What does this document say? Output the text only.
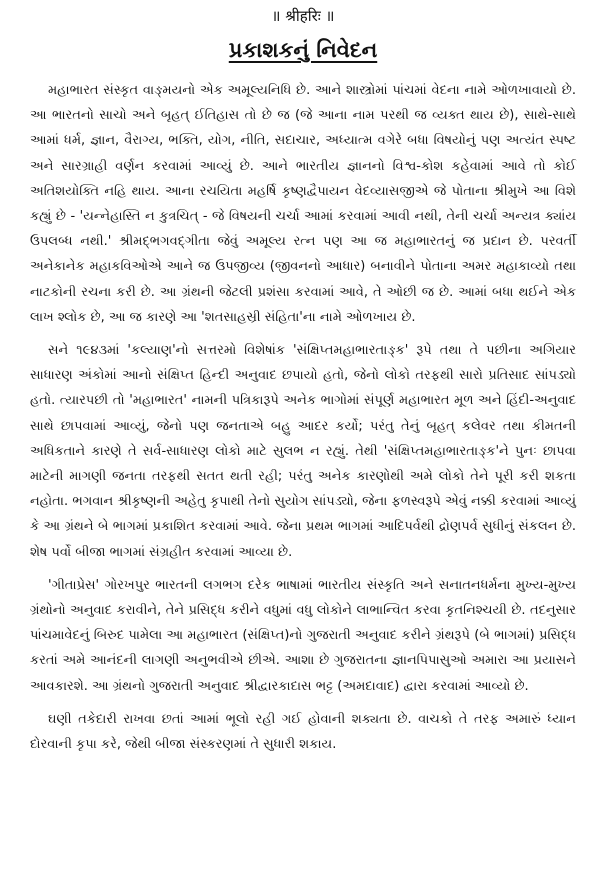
॥ श्रीहरिः ॥
પ્રકાશકનું નિવેદન

મહાભારત સંસ્કૃત વાઙ્મયનો એક અમૂલ્યનિધિ છે. આને શાસ્ત્રોમાં પાંચમાં વેદના નામે ઓળખાવાયો છે. આ ભારતનો સાચો અને બૃહત્ ઈતિહાસ તો છે જ (જે આના નામ પરથી જ વ્યક્ત થાય છે), સાથે-સાથે આમાં ધર્મ, જ્ઞાન, વૈરાગ્ય, ભક્તિ, યોગ, નીતિ, સદાચાર, અધ્યાત્મ વગેરે બધા વિષયોનું પણ અત્યંત સ્પષ્ટ અને સારગ્રાહી વર્ણન કરવામાં આવ્યું છે. આને ભારતીય જ્ઞાનનો વિશ્વ-કોશ કહેવામાં આવે તો કોઈ અતિશયોક્તિ નહિ થાય. આના રચયિતા મહર્ષિ કૃષ્ણદ્વૈપાયન વેદવ્યાસજીએ જે પોતાના શ્રીમુખે આ વિશે કહ્યું છે - 'યન્નેહાસ્તિ ન કુત્રચિત્ - જે વિષયની ચર્ચા આમાં કરવામાં આવી નથી, તેની ચર્ચા અન્યત્ર ક્યાંય ઉપલબ્ધ નથી.' શ્રીમદ્ભગવદ્ગીતા જેવું અમૂલ્ય રત્ન પણ આ જ મહાભારતનું જ પ્રદાન છે. પરવર્તી અનેકાનેક મહાકવિઓએ આને જ ઉપજીવ્ય (જીવનનો આધાર) બનાવીને પોતાના અમર મહાકાવ્યો તથા નાટકોની રચના કરી છે. આ ગ્રંથની જેટલી પ્રશંસા કરવામાં આવે, તે ઓછી જ છે. આમાં બધા થઈને એક લાખ શ્લોક છે, આ જ કારણે આ 'શતસાહસ્રી સંહિતા'ના નામે ઓળખાય છે.

સને ૧૯૪૩માં 'કલ્યાણ'નો સત્તરમો વિશેષાંક 'સંક્ષિપ્તમહાભારતાઙ્ક' રૂપે તથા તે પછીના અગિયાર સાધારણ અંકોમાં આનો સંક્ષિપ્ત હિન્દી અનુવાદ છપાયો હતો, જેનો લોકો તરફથી સારો પ્રતિસાદ સાંપડ્યો હતો. ત્યારપછી તો 'મહાભારત' નામની પત્રિકારૂપે અનેક ભાગોમાં સંપૂર્ણ મહાભારત મૂળ અને હિંદી-અનુવાદ સાથે છાપવામાં આવ્યું, જેનો પણ જનતાએ બહુ આદર કર્યો; પરંતુ તેનું બૃહત્ કલેવર તથા કીમતની અધિકતાને કારણે તે સર્વ-સાધારણ લોકો માટે સુલભ ન રહ્યું. તેથી 'સંક્ષિપ્તમહાભારતાઙ્ક'ને પુનઃ છાપવા માટેની માગણી જનતા તરફથી સતત થતી રહી; પરંતુ અનેક કારણોથી અમે લોકો તેને પૂરી કરી શકતા નહોતા. ભગવાન શ્રીકૃષ્ણની અહેતુ કૃપાથી તેનો સુયોગ સાંપડ્યો, જેના ફળસ્વરૂપે એવું નક્કી કરવામાં આવ્યું કે આ ગ્રંથને બે ભાગમાં પ્રકાશિત કરવામાં આવે. જેના પ્રથમ ભાગમાં આદિપર્વથી દ્રોણપર્વ સુધીનું સંકલન છે. શેષ પર્વો બીજા ભાગમાં સંગ્રહીત કરવામાં આવ્યા છે.

'ગીતાપ્રેસ' ગોરખપુર ભારતની લગભગ દરેક ભાષામાં ભારતીય સંસ્કૃતિ અને સનાતનધર્મના મુખ્ય-મુખ્ય ગ્રંથોનો અનુવાદ કરાવીને, તેને પ્રસિદ્ધ કરીને વધુમાં વધુ લોકોને લાભાન્વિત કરવા કૃતનિશ્ચયી છે. તદનુસાર પાંચમાવેદનું બિરુદ પામેલા આ મહાભારત (સંક્ષિપ્ત)નો ગુજરાતી અનુવાદ કરીને ગ્રંથરૂપે (બે ભાગમાં) પ્રસિદ્ધ કરતાં અમે આનંદની લાગણી અનુભવીએ છીએ. આશા છે ગુજરાતના જ્ઞાનપિપાસુઓ અમારા આ પ્રયાસને આવકારશે. આ ગ્રંથનો ગુજરાતી અનુવાદ શ્રીદ્વારકાદાસ ભટ્ટ (અમદાવાદ) દ્વારા કરવામાં આવ્યો છે.

ઘણી તકેદારી રાખવા છતાં આમાં ભૂલો રહી ગઈ હોવાની શક્યતા છે. વાચકો તે તરફ અમારું ધ્યાન દોરવાની કૃપા કરે, જેથી બીજા સંસ્કરણમાં તે સુધારી શકાય.
